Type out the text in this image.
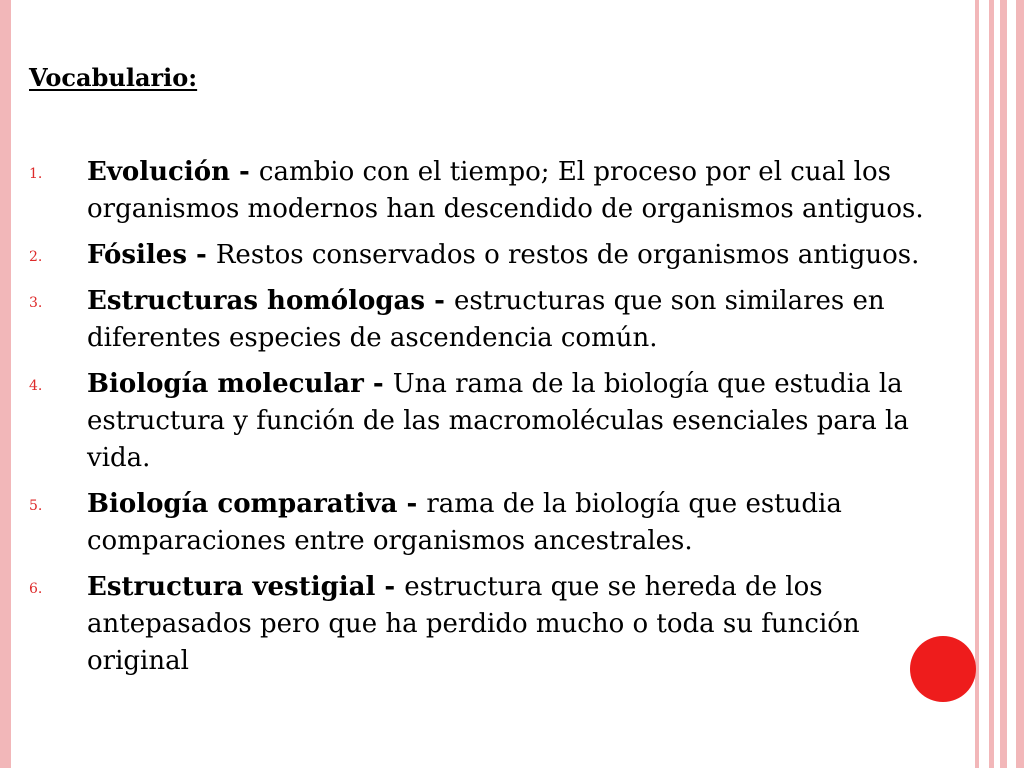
Vocabulario:
1. Evolución - cambio con el tiempo; El proceso por el cual los organismos modernos han descendido de organismos antiguos.
2. Fósiles - Restos conservados o restos de organismos antiguos.
3. Estructuras homólogas - estructuras que son similares en diferentes especies de ascendencia común.
4. Biología molecular - Una rama de la biología que estudia la estructura y función de las macromoléculas esenciales para la vida.
5. Biología comparativa - rama de la biología que estudia comparaciones entre organismos ancestrales.
6. Estructura vestigial - estructura que se hereda de los antepasados pero que ha perdido mucho o toda su función original
